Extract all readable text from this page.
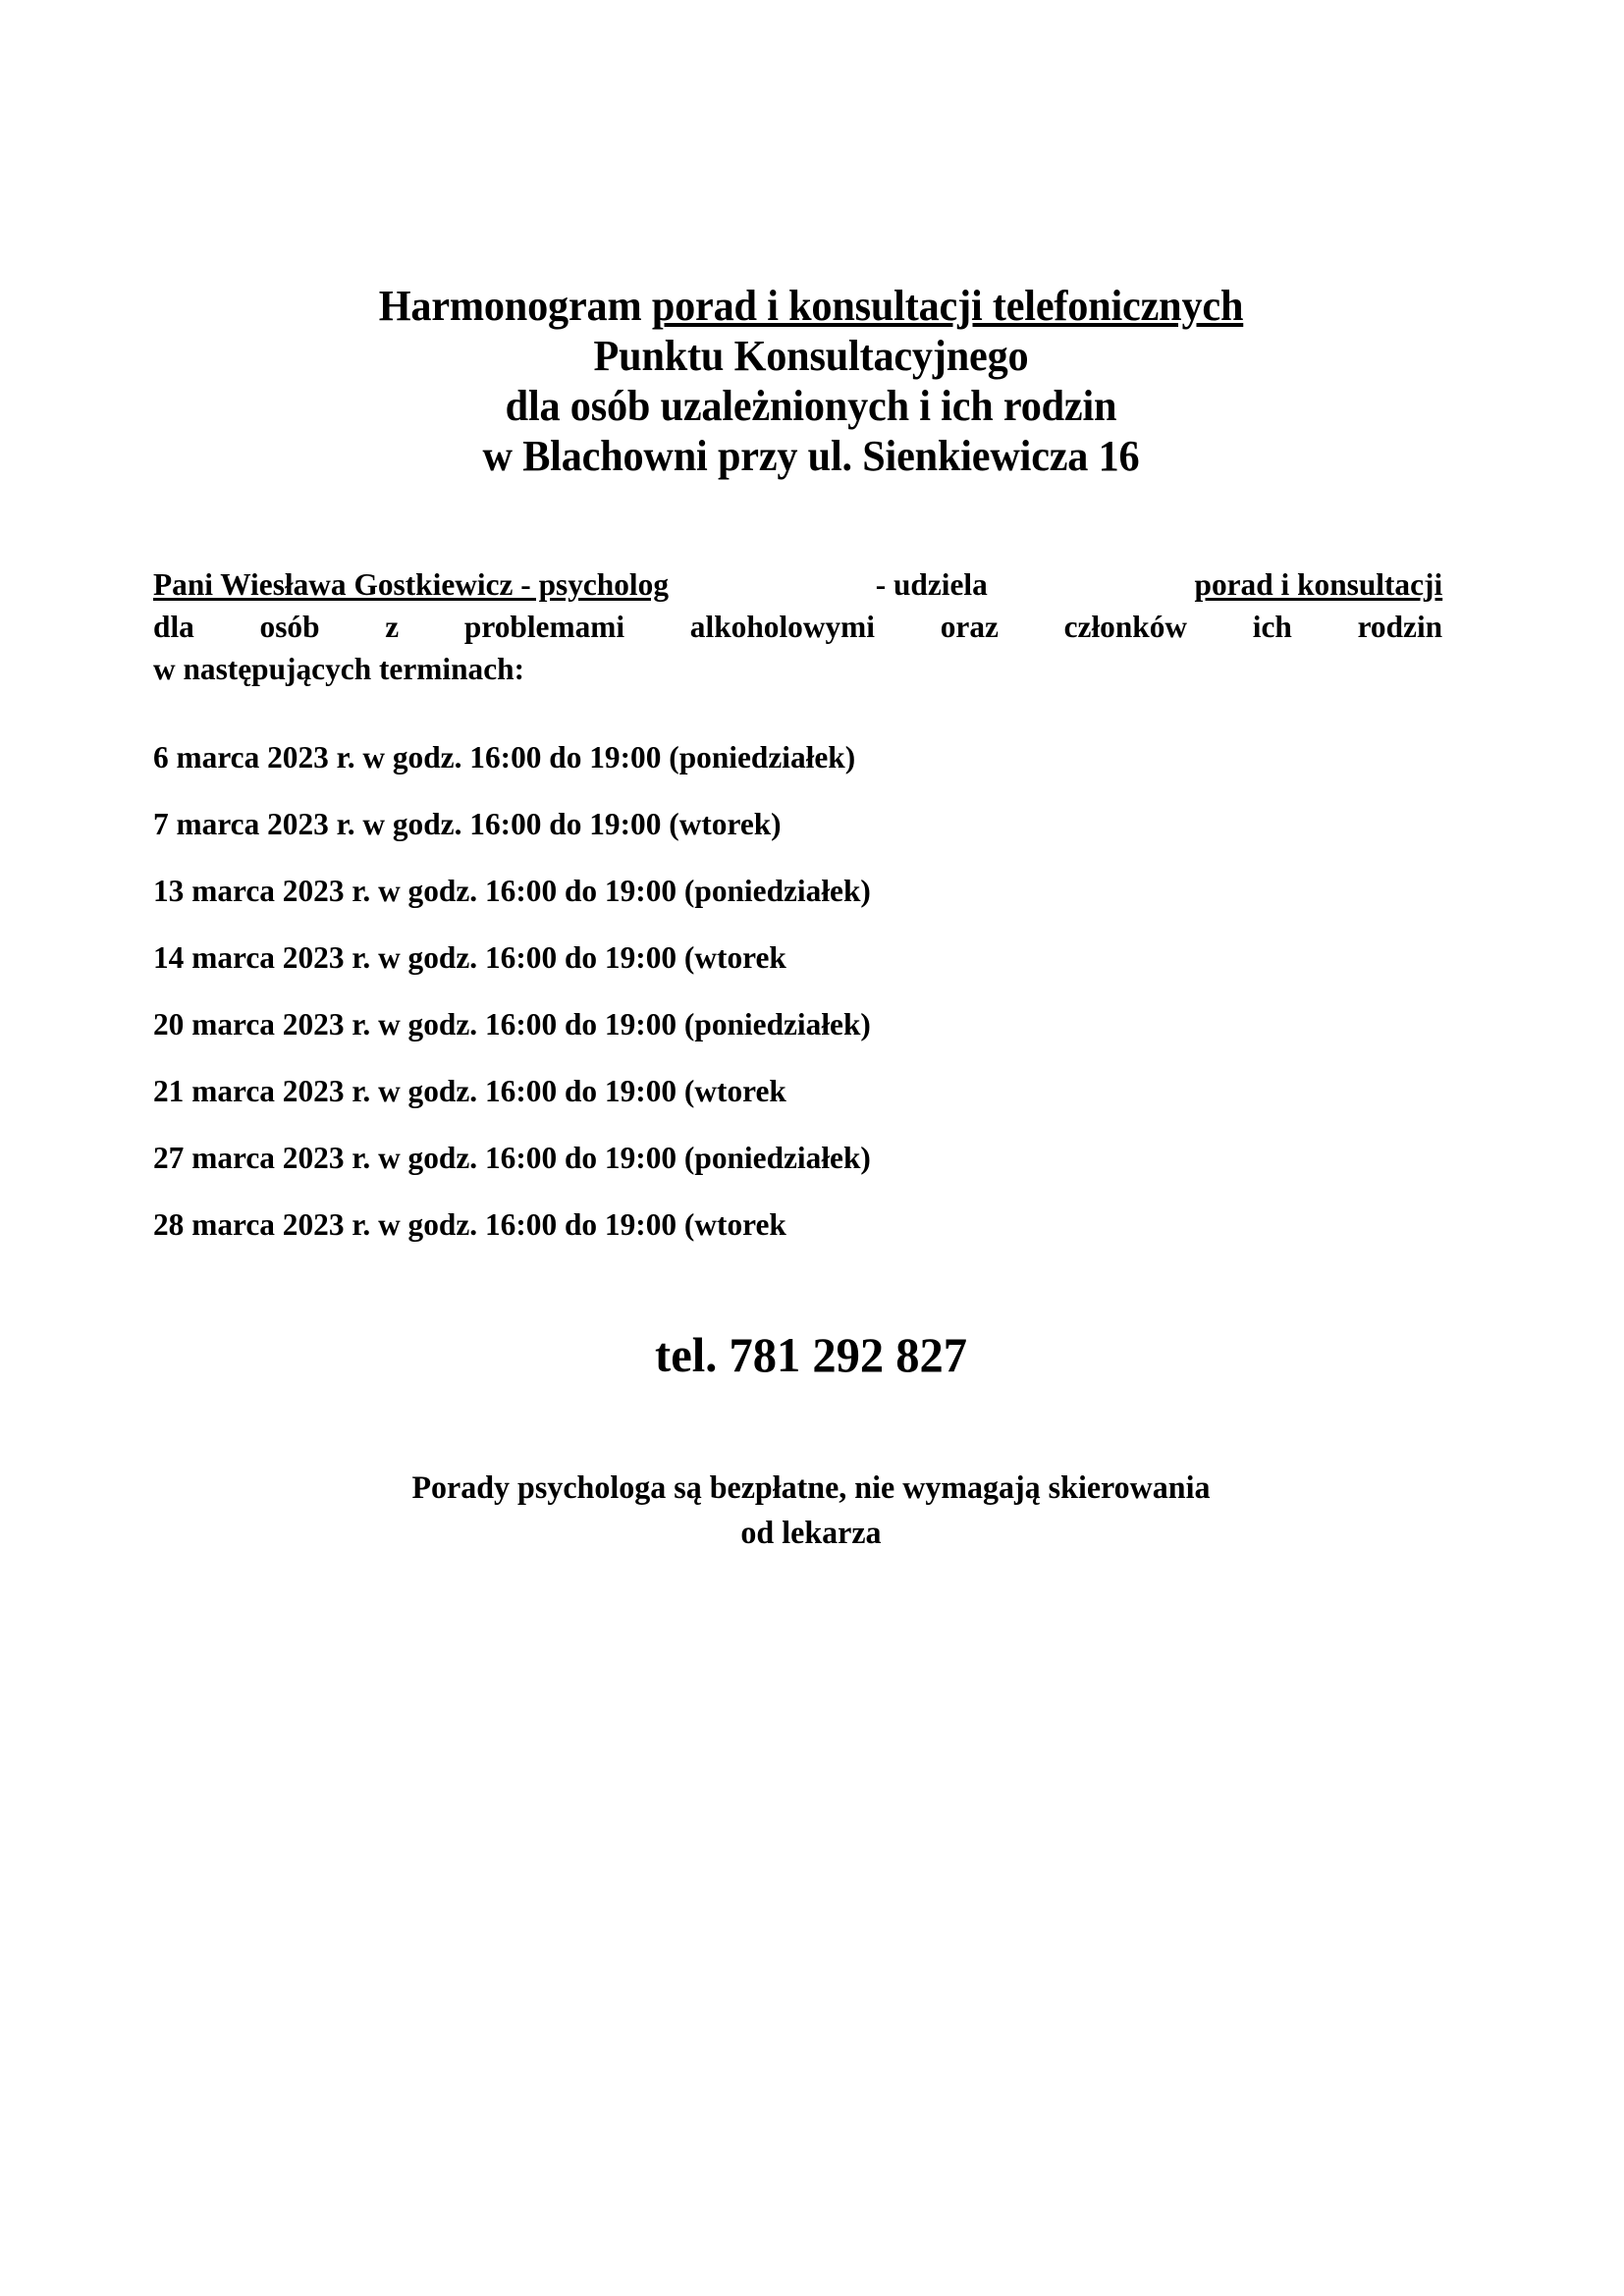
Harmonogram porad i konsultacji telefonicznych
Punktu Konsultacyjnego
dla osób uzależnionych i ich rodzin
w Blachowni przy ul. Sienkiewicza 16
Pani Wiesława Gostkiewicz - psycholog	- udziela	porad i konsultacji
dla osób z problemami alkoholowymi oraz członków ich rodzin
w następujących terminach:
6 marca 2023 r. w godz. 16:00 do 19:00 (poniedziałek)
7 marca 2023 r. w godz. 16:00 do 19:00 (wtorek)
13 marca 2023 r. w godz. 16:00 do 19:00 (poniedziałek)
14 marca 2023 r. w godz. 16:00 do 19:00 (wtorek
20 marca 2023 r. w godz. 16:00 do 19:00 (poniedziałek)
21 marca 2023 r. w godz. 16:00 do 19:00 (wtorek
27 marca 2023 r. w godz. 16:00 do 19:00 (poniedziałek)
28 marca 2023 r. w godz. 16:00 do 19:00 (wtorek
tel. 781 292 827
Porady psychologa są bezpłatne, nie wymagają skierowania
od lekarza
